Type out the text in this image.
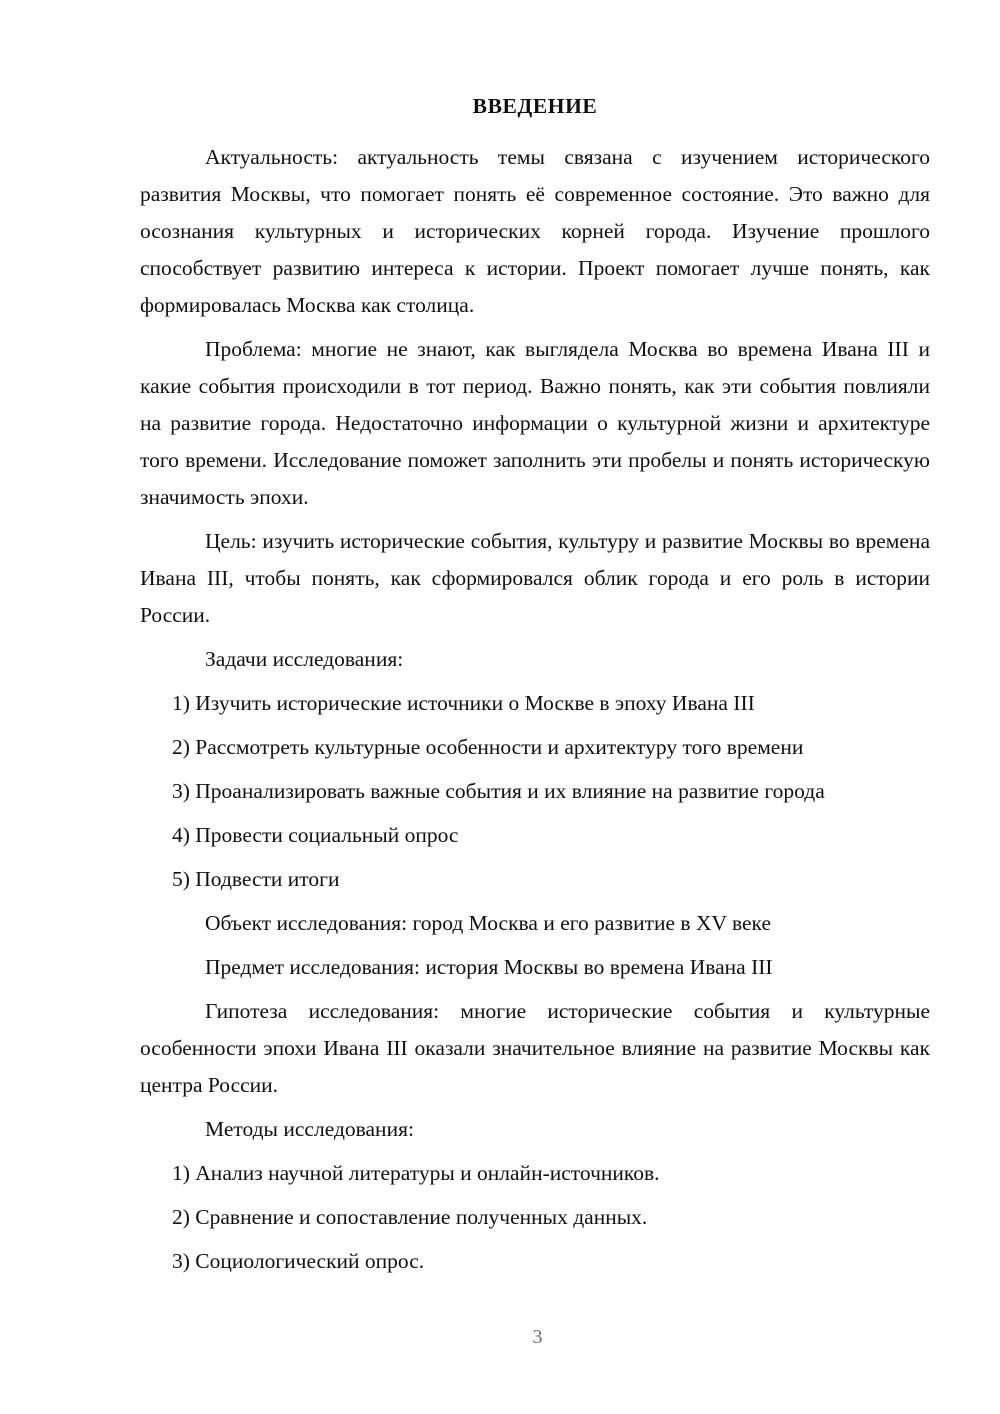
ВВЕДЕНИЕ

Актуальность: актуальность темы связана с изучением исторического развития Москвы, что помогает понять её современное состояние. Это важно для осознания культурных и исторических корней города. Изучение прошлого способствует развитию интереса к истории. Проект помогает лучше понять, как формировалась Москва как столица.

Проблема: многие не знают, как выглядела Москва во времена Ивана III и какие события происходили в тот период. Важно понять, как эти события повлияли на развитие города. Недостаточно информации о культурной жизни и архитектуре того времени. Исследование поможет заполнить эти пробелы и понять историческую значимость эпохи.

Цель: изучить исторические события, культуру и развитие Москвы во времена Ивана III, чтобы понять, как сформировался облик города и его роль в истории России.

Задачи исследования:

1) Изучить исторические источники о Москве в эпоху Ивана III

2) Рассмотреть культурные особенности и архитектуру того времени

3) Проанализировать важные события и их влияние на развитие города

4) Провести социальный опрос

5) Подвести итоги

Объект исследования: город Москва и его развитие в XV веке

Предмет исследования: история Москвы во времена Ивана III

Гипотеза исследования: многие исторические события и культурные особенности эпохи Ивана III оказали значительное влияние на развитие Москвы как центра России.

Методы исследования:

1) Анализ научной литературы и онлайн-источников.

2) Сравнение и сопоставление полученных данных.

3) Социологический опрос.

3
